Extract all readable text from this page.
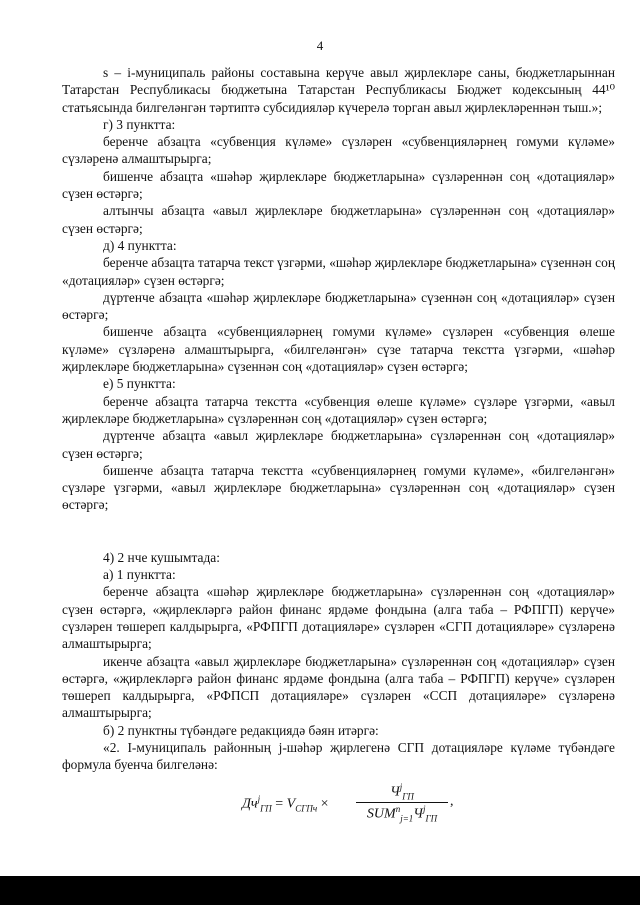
4

s – i-муниципаль районы составына керүче авыл җирлекләре саны, бюджетларыннан Татарстан Республикасы бюджетына Татарстан Республикасы Бюджет кодексының 44¹⁰ статьясында билгеләнгән тәртиптә субсидияләр күчерелә торган авыл җирлекләреннән тыш.»;

г) 3 пунктта:

беренче абзацта «субвенция күләме» сүзләрен «субвенцияләрнең гомуми күләме» сүзләренә алмаштырырга;

бишенче абзацта «шәһәр җирлекләре бюджетларына» сүзләреннән соң «дотацияләр» сүзен өстәргә;

алтынчы абзацта «авыл җирлекләре бюджетларына» сүзләреннән соң «дотацияләр» сүзен өстәргә;

д) 4 пунктта:

беренче абзацта татарча текст үзгәрми, «шәһәр җирлекләре бюджетларына» сүзеннән соң «дотацияләр» сүзен өстәргә;

дүртенче абзацта «шәһәр җирлекләре бюджетларына» сүзеннән соң «дотацияләр» сүзен өстәргә;

бишенче абзацта «субвенцияләрнең гомуми күләме» сүзләрен «субвенция өлеше күләме» сүзләренә алмаштырырга, «билгеләнгән» сүзе татарча текстта үзгәрми, «шәһәр җирлекләре бюджетларына» сүзеннән соң «дотацияләр» сүзен өстәргә;

е) 5 пунктта:

беренче абзацта татарча текстта «субвенция өлеше күләме» сүзләре үзгәрми, «авыл җирлекләре бюджетларына» сүзләреннән соң «дотацияләр» сүзен өстәргә;

дүртенче абзацта «авыл җирлекләре бюджетларына» сүзләреннән соң «дотацияләр» сүзен өстәргә;

бишенче абзацта татарча текстта «субвенцияләрнең гомуми күләме», «билгеләнгән» сүзләре үзгәрми, «авыл җирлекләре бюджетларына» сүзләреннән соң «дотацияләр» сүзен өстәргә;

4) 2 нче кушымтада:

а) 1 пунктта:

беренче абзацта «шәһәр җирлекләре бюджетларына» сүзләреннән соң «дотацияләр» сүзен өстәргә, «җирлекләргә район финанс ярдәме фондына (алга таба – РФПГП) керүче» сүзләрен төшереп калдырырга, «РФПГП дотацияләре» сүзләрен «СГП дотацияләре» сүзләренә алмаштырырга;

икенче абзацта «авыл җирлекләре бюджетларына» сүзләреннән соң «дотацияләр» сүзен өстәргә, «җирлекләргә район финанс ярдәме фондына (алга таба – РФПГП) керүче» сүзләрен төшереп калдырырга, «РФПСП дотацияләре» сүзләрен «ССП дотацияләре» сүзләренә алмаштырырга;

б) 2 пунктны түбәндәге редакциядә бәян итәргә:

«2. I-муниципаль районның j-шәһәр җирлегенә СГП дотацияләре күләме түбәндәге формула буенча билгеләнә:

$Дч^j_{ГП} = V_{СГПч}$ ×
$Ч^j_{ГП}$
$SUM^n_{j=1}Ч^j_{ГП}$
,
